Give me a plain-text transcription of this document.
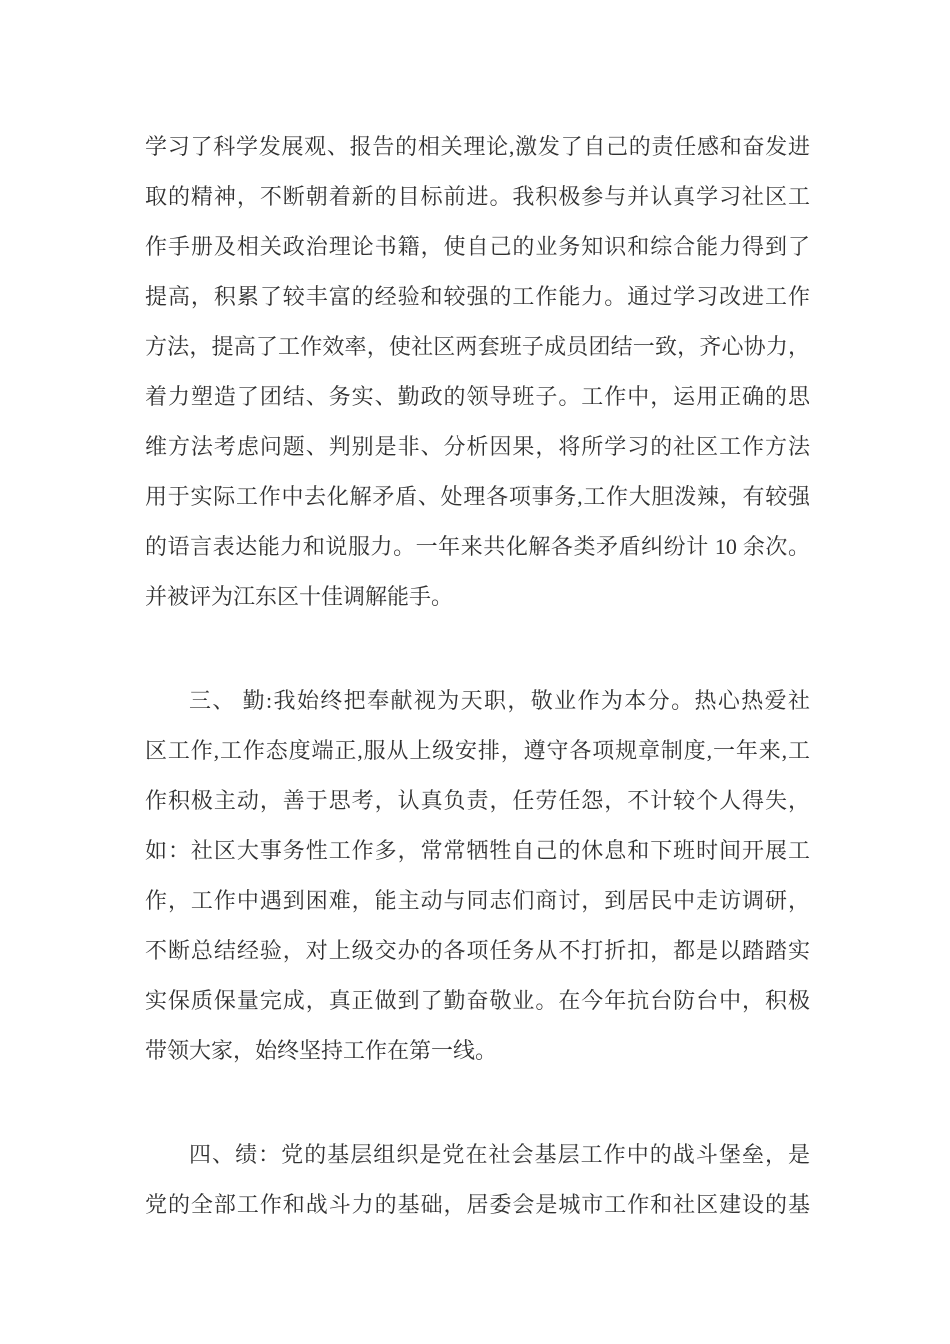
学习了科学发展观、报告的相关理论,激发了自己的责任感和奋发进
取的精神，不断朝着新的目标前进。我积极参与并认真学习社区工
作手册及相关政治理论书籍，使自己的业务知识和综合能力得到了
提高，积累了较丰富的经验和较强的工作能力。通过学习改进工作
方法，提高了工作效率，使社区两套班子成员团结一致，齐心协力，
着力塑造了团结、务实、勤政的领导班子。工作中，运用正确的思
维方法考虑问题、判别是非、分析因果，将所学习的社区工作方法
用于实际工作中去化解矛盾、处理各项事务,工作大胆泼辣，有较强
的语言表达能力和说服力。一年来共化解各类矛盾纠纷计 10 余次。
并被评为江东区十佳调解能手。
三、 勤:我始终把奉献视为天职，敬业作为本分。热心热爱社
区工作,工作态度端正,服从上级安排，遵守各项规章制度,一年来,工
作积极主动，善于思考，认真负责，任劳任怨，不计较个人得失，
如：社区大事务性工作多，常常牺牲自己的休息和下班时间开展工
作，工作中遇到困难，能主动与同志们商讨，到居民中走访调研，
不断总结经验，对上级交办的各项任务从不打折扣，都是以踏踏实
实保质保量完成，真正做到了勤奋敬业。在今年抗台防台中，积极
带领大家，始终坚持工作在第一线。
四、绩：党的基层组织是党在社会基层工作中的战斗堡垒，是
党的全部工作和战斗力的基础，居委会是城市工作和社区建设的基
